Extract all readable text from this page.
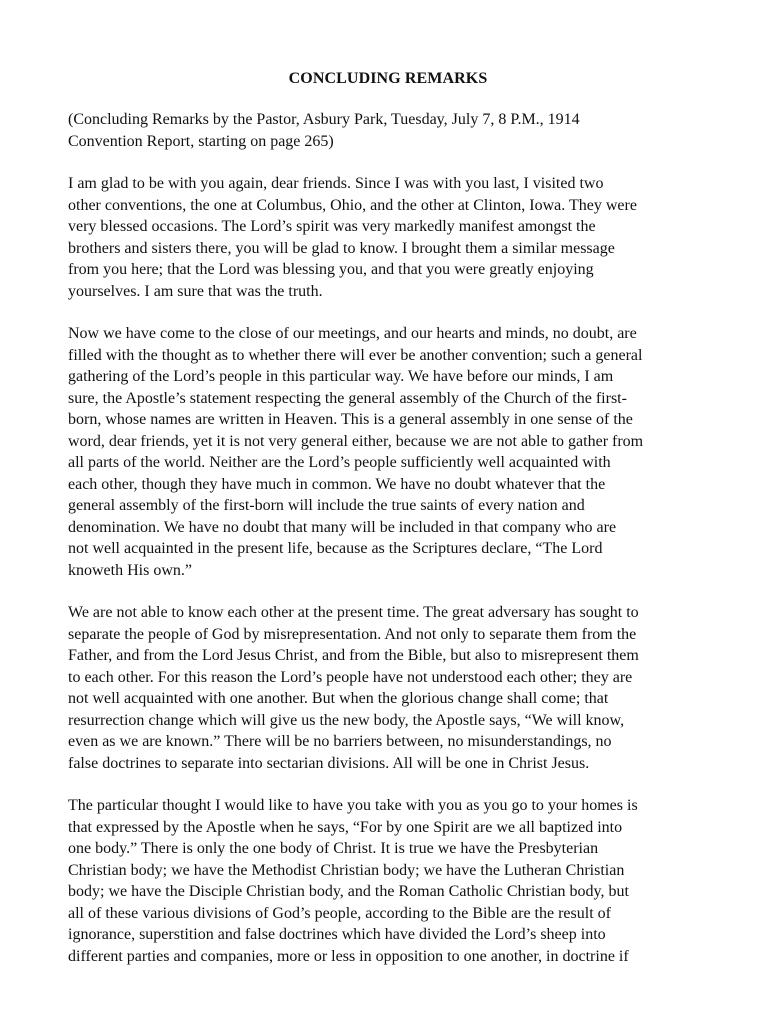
CONCLUDING REMARKS
(Concluding Remarks by the Pastor, Asbury Park, Tuesday, July 7, 8 P.M., 1914
Convention Report, starting on page 265)
I am glad to be with you again, dear friends. Since I was with you last, I visited two
other conventions, the one at Columbus, Ohio, and the other at Clinton, Iowa. They were
very blessed occasions. The Lord’s spirit was very markedly manifest amongst the
brothers and sisters there, you will be glad to know. I brought them a similar message
from you here; that the Lord was blessing you, and that you were greatly enjoying
yourselves. I am sure that was the truth.
Now we have come to the close of our meetings, and our hearts and minds, no doubt, are
filled with the thought as to whether there will ever be another convention; such a general
gathering of the Lord’s people in this particular way. We have before our minds, I am
sure, the Apostle’s statement respecting the general assembly of the Church of the first-
born, whose names are written in Heaven. This is a general assembly in one sense of the
word, dear friends, yet it is not very general either, because we are not able to gather from
all parts of the world. Neither are the Lord’s people sufficiently well acquainted with
each other, though they have much in common. We have no doubt whatever that the
general assembly of the first-born will include the true saints of every nation and
denomination. We have no doubt that many will be included in that company who are
not well acquainted in the present life, because as the Scriptures declare, “The Lord
knoweth His own.”
We are not able to know each other at the present time. The great adversary has sought to
separate the people of God by misrepresentation. And not only to separate them from the
Father, and from the Lord Jesus Christ, and from the Bible, but also to misrepresent them
to each other. For this reason the Lord’s people have not understood each other; they are
not well acquainted with one another. But when the glorious change shall come; that
resurrection change which will give us the new body, the Apostle says, “We will know,
even as we are known.” There will be no barriers between, no misunderstandings, no
false doctrines to separate into sectarian divisions. All will be one in Christ Jesus.
The particular thought I would like to have you take with you as you go to your homes is
that expressed by the Apostle when he says, “For by one Spirit are we all baptized into
one body.” There is only the one body of Christ. It is true we have the Presbyterian
Christian body; we have the Methodist Christian body; we have the Lutheran Christian
body; we have the Disciple Christian body, and the Roman Catholic Christian body, but
all of these various divisions of God’s people, according to the Bible are the result of
ignorance, superstition and false doctrines which have divided the Lord’s sheep into
different parties and companies, more or less in opposition to one another, in doctrine if
